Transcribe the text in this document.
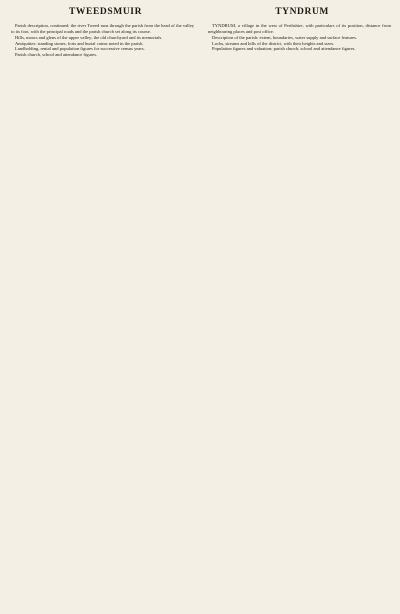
TWEEDSMUIR	TYNDRUM

Parish description, continued: the river Tweed runs through the parish from the head of the valley to its foot, with the principal roads and the parish church set along its course.

Hills, moors and glens of the upper valley; the old churchyard and its memorials.

Antiquities: standing stones, forts and burial cairns noted in the parish.

Landholding, rental and population figures for successive census years.

Parish church, school and attendance figures.

TYNDRUM, a village in the west of Perthshire, with particulars of its position, distance from neighbouring places and post office.

Description of the parish: extent, boundaries, water supply and surface features.

Lochs, streams and hills of the district, with their heights and sizes.

Population figures and valuation; parish church, school and attendance figures.
